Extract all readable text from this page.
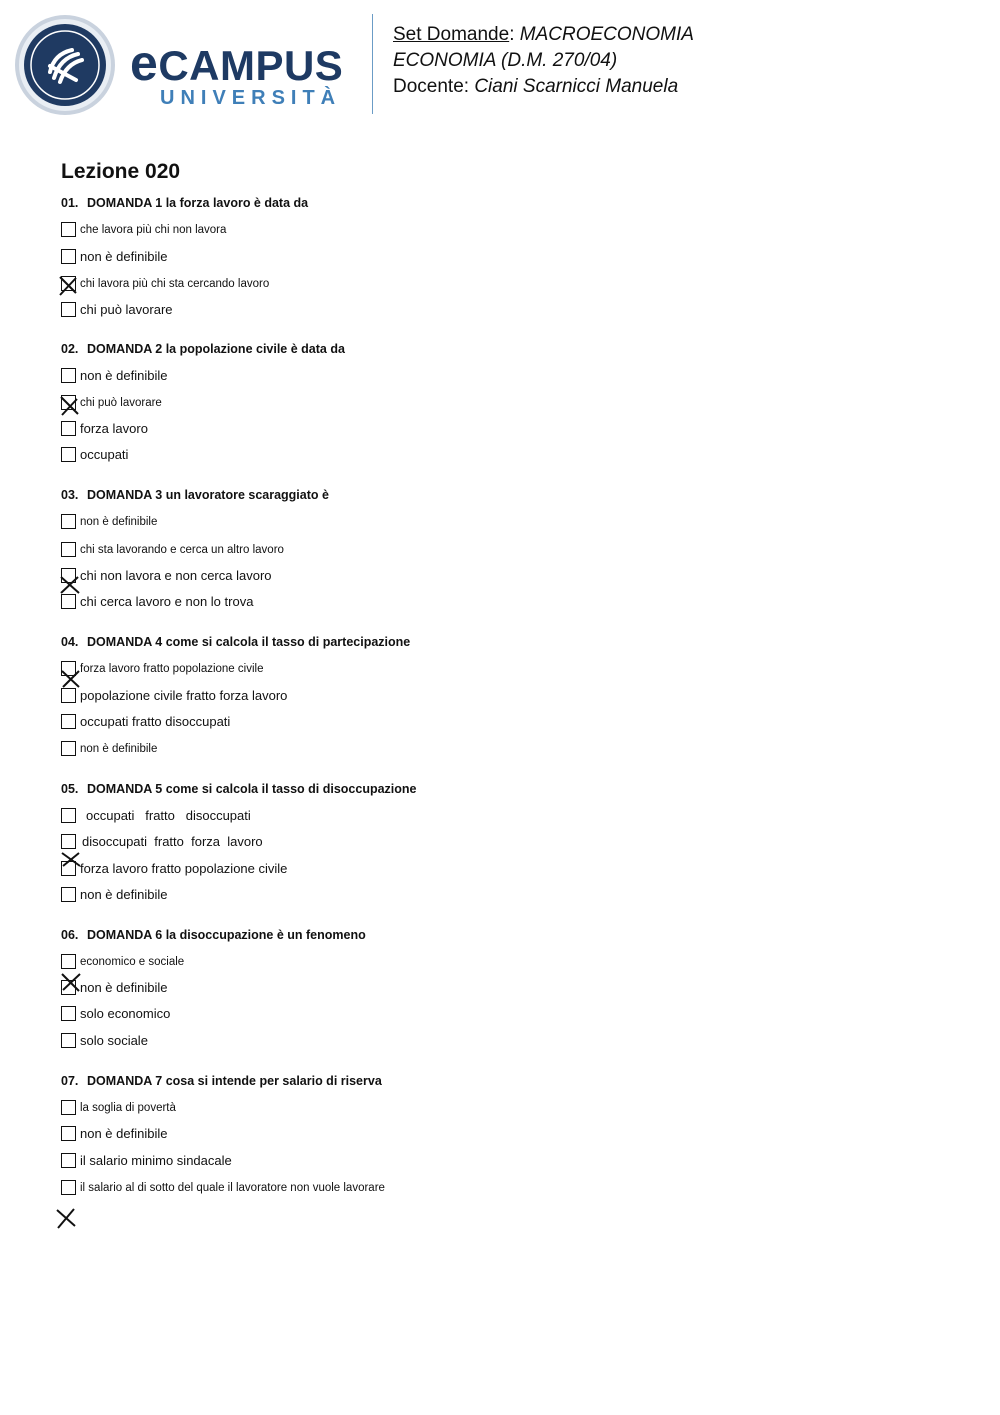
eCAMPUS
UNIVERSITÀ
Set Domande: MACROECONOMIA
ECONOMIA (D.M. 270/04)
Docente: Ciani Scarnicci Manuela
Lezione 020
01. DOMANDA 1 la forza lavoro è data da
che lavora più chi non lavora
non è definibile
chi lavora più chi sta cercando lavoro
chi può lavorare
02. DOMANDA 2 la popolazione civile è data da
non è definibile
chi può lavorare
forza lavoro
occupati
03. DOMANDA 3 un lavoratore scaraggiato è
non è definibile
chi sta lavorando e cerca un altro lavoro
chi non lavora e non cerca lavoro
chi cerca lavoro e non lo trova
04. DOMANDA 4 come si calcola il tasso di partecipazione
forza lavoro fratto popolazione civile
popolazione civile fratto forza lavoro
occupati fratto disoccupati
non è definibile
05. DOMANDA 5 come si calcola il tasso di disoccupazione
occupati   fratto   disoccupati
disoccupati  fratto  forza  lavoro
forza lavoro fratto popolazione civile
non è definibile
06. DOMANDA 6 la disoccupazione è un fenomeno
economico e sociale
non è definibile
solo economico
solo sociale
07. DOMANDA 7 cosa si intende per salario di riserva
la soglia di povertà
non è definibile
il salario minimo sindacale
il salario al di sotto del quale il lavoratore non vuole lavorare
